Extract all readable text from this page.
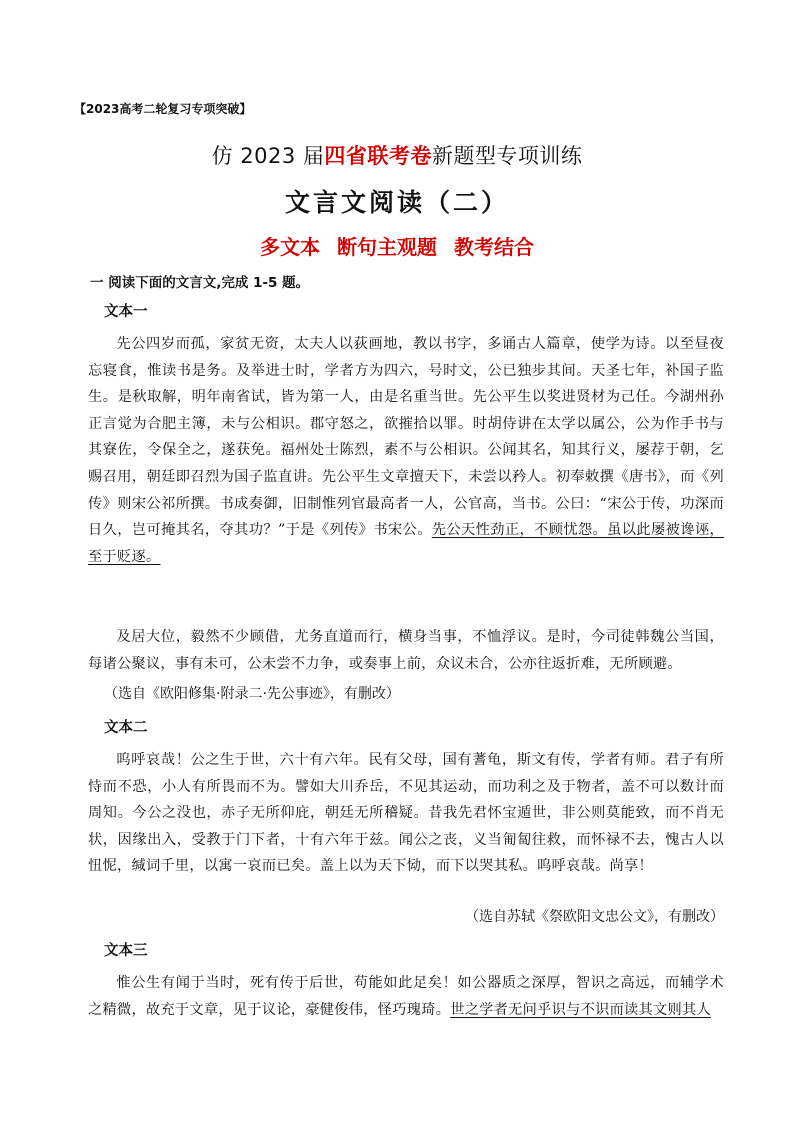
【2023高考二轮复习专项突破】
仿 2023 届四省联考卷新题型专项训练
文言文阅读（二）
多文本 断句主观题 教考结合
一 阅读下面的文言文,完成 1-5 题。
文本一

先公四岁而孤，家贫无资，太夫人以荻画地，教以书字，多诵古人篇章，使学为诗。以至昼夜忘寝食，惟读书是务。及举进士时，学者方为四六，号时文，公已独步其间。天圣七年，补国子监生。是秋取解，明年南省试，皆为第一人，由是名重当世。先公平生以奖进贤材为己任。今湖州孙正言觉为合肥主簿，未与公相识。郡守怒之，欲摧拾以罪。时胡侍讲在太学以属公，公为作手书与其寮佐，令保全之，遂获免。福州处士陈烈，素不与公相识。公闻其名，知其行义，屡荐于朝，乞赐召用，朝廷即召烈为国子监直讲。先公平生文章擅天下，未尝以矜人。初奉敕撰《唐书》，而《列传》则宋公祁所撰。书成奏御，旧制惟列官最高者一人，公官高，当书。公曰：“宋公于传，功深而日久，岂可掩其名，夺其功？”于是《列传》书宋公。先公天性劲正，不顾忧怨。虽以此屡被谗诬，至于贬逐。

及居大位，毅然不少顾借，尤务直道而行，横身当事，不恤浮议。是时，今司徒韩魏公当国，每诸公聚议，事有未可，公未尝不力争，或奏事上前，众议未合，公亦往返折难，无所顾避。

（选自《欧阳修集·附录二·先公事迹》，有删改）
文本二

呜呼哀哉！公之生于世，六十有六年。民有父母，国有蓍龟，斯文有传，学者有师。君子有所恃而不恐，小人有所畏而不为。譬如大川乔岳，不见其运动，而功利之及于物者，盖不可以数计而周知。今公之没也，赤子无所仰庇，朝廷无所稽疑。昔我先君怀宝遁世，非公则莫能致，而不肖无状，因缘出入，受教于门下者，十有六年于兹。闻公之丧，义当匍匐往救，而怀禄不去，愧古人以忸怩，缄词千里，以寓一哀而已矣。盖上以为天下恸，而下以哭其私。呜呼哀哉。尚享！

（选自苏轼《祭欧阳文忠公文》，有删改）
文本三

惟公生有闻于当时，死有传于后世，苟能如此足矣！如公器质之深厚，智识之高远，而辅学术之精微，故充于文章，见于议论，豪健俊伟，怪巧瑰琦。世之学者无问乎识与不识而读其文则其人
